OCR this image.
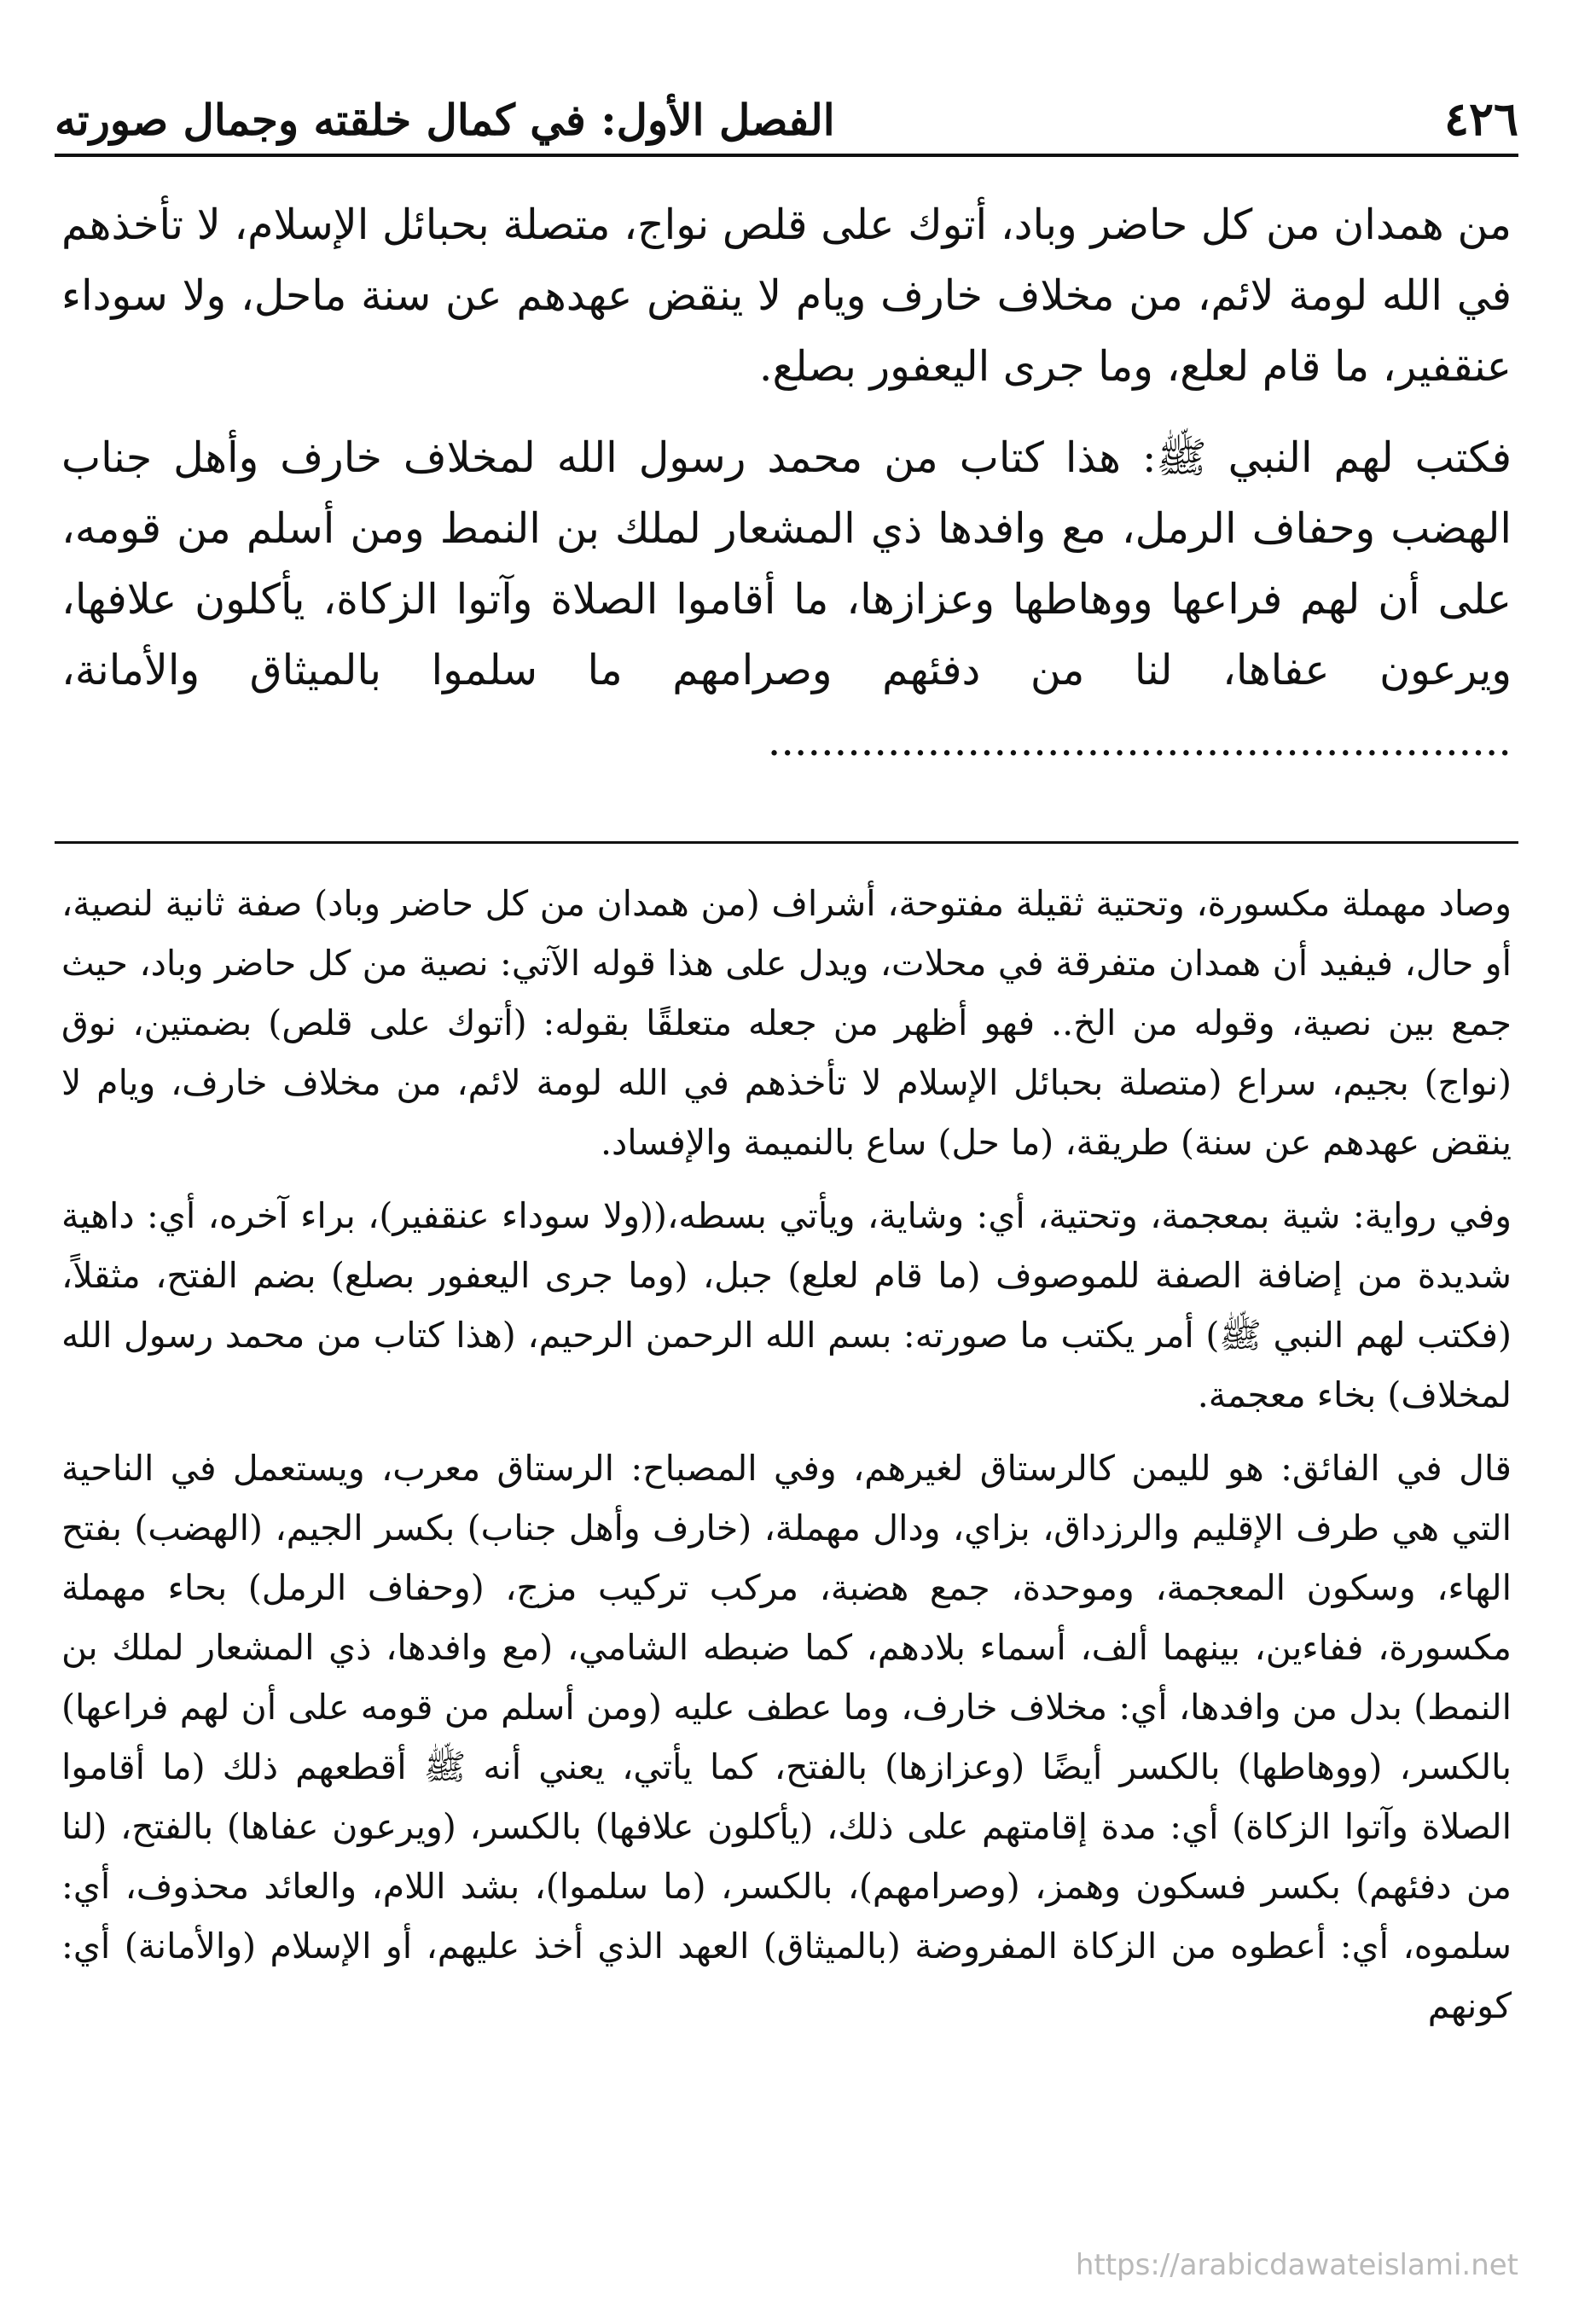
٤٢٦
الفصل الأول: في كمال خلقته وجمال صورته

من همدان من كل حاضر وباد، أتوك على قلص نواج، متصلة بحبائل الإسلام، لا تأخذهم في الله لومة لائم، من مخلاف خارف ويام لا ينقض عهدهم عن سنة ماحل، ولا سوداء عنقفير، ما قام لعلع، وما جرى اليعفور بصلع.

فكتب لهم النبي ﷺ: هذا كتاب من محمد رسول الله لمخلاف خارف وأهل جناب الهضب وحفاف الرمل، مع وافدها ذي المشعار لملك بن النمط ومن أسلم من قومه، على أن لهم فراعها ووهاطها وعزازها، ما أقاموا الصلاة وآتوا الزكاة، يأكلون علافها، ويرعون عفاها، لنا من دفئهم وصرامهم ما سلموا بالميثاق والأمانة، ........................................................

وصاد مهملة مكسورة، وتحتية ثقيلة مفتوحة، أشراف (من همدان من كل حاضر وباد) صفة ثانية لنصية، أو حال، فيفيد أن همدان متفرقة في محلات، ويدل على هذا قوله الآتي: نصية من كل حاضر وباد، حيث جمع بين نصية، وقوله من الخ.. فهو أظهر من جعله متعلقًا بقوله: (أتوك على قلص) بضمتين، نوق (نواج) بجيم، سراع (متصلة بحبائل الإسلام لا تأخذهم في الله لومة لائم، من مخلاف خارف، ويام لا ينقض عهدهم عن سنة) طريقة، (ما حل) ساع بالنميمة والإفساد.

وفي رواية: شية بمعجمة، وتحتية، أي: وشاية، ويأتي بسطه،((ولا سوداء عنقفير)، براء آخره، أي: داهية شديدة من إضافة الصفة للموصوف (ما قام لعلع) جبل، (وما جرى اليعفور بصلع) بضم الفتح، مثقلاً، (فكتب لهم النبي ﷺ) أمر يكتب ما صورته: بسم الله الرحمن الرحيم، (هذا كتاب من محمد رسول الله لمخلاف) بخاء معجمة.

قال في الفائق: هو لليمن كالرستاق لغيرهم، وفي المصباح: الرستاق معرب، ويستعمل في الناحية التي هي طرف الإقليم والرزداق، بزاي، ودال مهملة، (خارف وأهل جناب) بكسر الجيم، (الهضب) بفتح الهاء، وسكون المعجمة، وموحدة، جمع هضبة، مركب تركيب مزج، (وحفاف الرمل) بحاء مهملة مكسورة، ففاءين، بينهما ألف، أسماء بلادهم، كما ضبطه الشامي، (مع وافدها، ذي المشعار لملك بن النمط) بدل من وافدها، أي: مخلاف خارف، وما عطف عليه (ومن أسلم من قومه على أن لهم فراعها) بالكسر، (ووهاطها) بالكسر أيضًا (وعزازها) بالفتح، كما يأتي، يعني أنه ﷺ أقطعهم ذلك (ما أقاموا الصلاة وآتوا الزكاة) أي: مدة إقامتهم على ذلك، (يأكلون علافها) بالكسر، (ويرعون عفاها) بالفتح، (لنا من دفئهم) بكسر فسكون وهمز، (وصرامهم)، بالكسر، (ما سلموا)، بشد اللام، والعائد محذوف، أي: سلموه، أي: أعطوه من الزكاة المفروضة (بالميثاق) العهد الذي أخذ عليهم، أو الإسلام (والأمانة) أي: كونهم

https://arabicdawateislami.net
